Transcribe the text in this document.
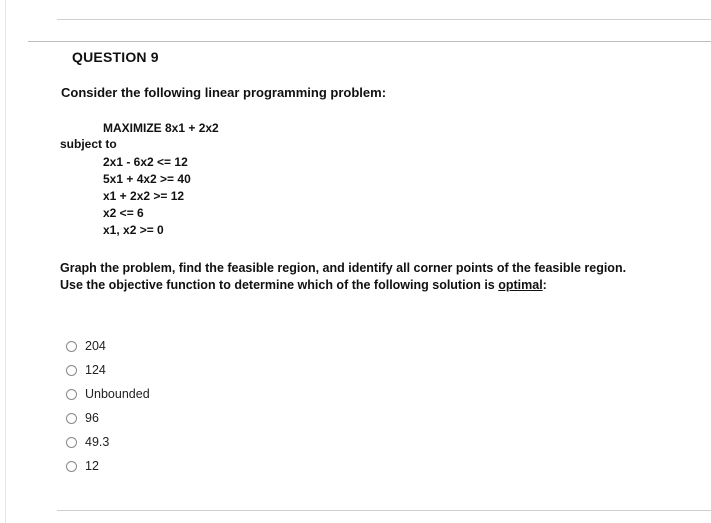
QUESTION 9
Consider the following linear programming problem:
MAXIMIZE 8x1 + 2x2
subject to
2x1 - 6x2 <= 12
5x1 + 4x2 >= 40
x1 + 2x2 >= 12
x2 <= 6
x1, x2 >= 0
Graph the problem, find the feasible region, and identify all corner points of the feasible region.
Use the objective function to determine which of the following solution is optimal:
204
124
Unbounded
96
49.3
12
